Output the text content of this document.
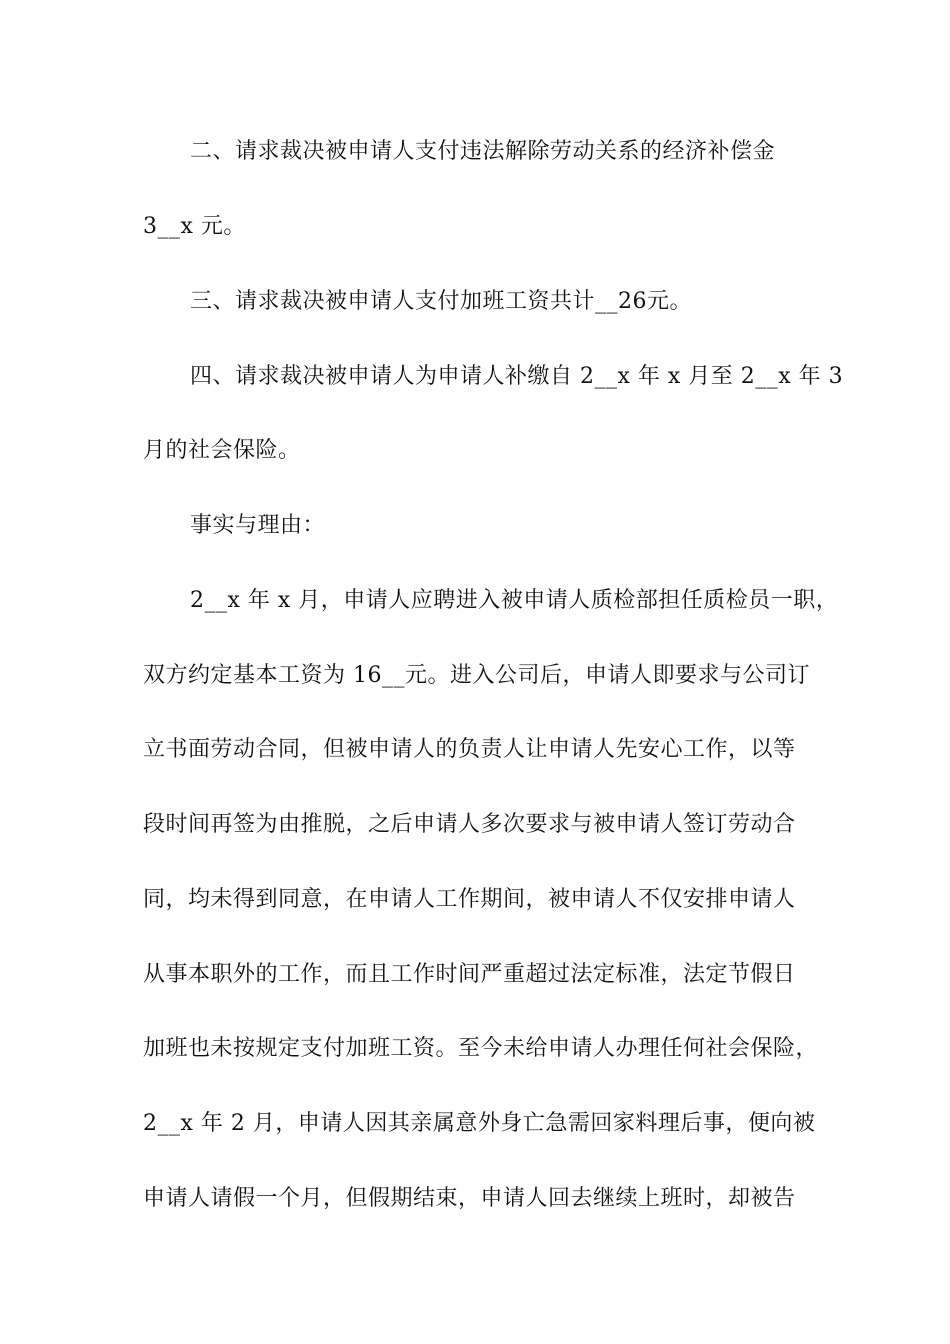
二、请求裁决被申请人支付违法解除劳动关系的经济补偿金
3__x 元。
三、请求裁决被申请人支付加班工资共计__26元。
四、请求裁决被申请人为申请人补缴自 2__x 年 x 月至 2__x 年 3
月的社会保险。
事实与理由：
2__x 年 x 月，申请人应聘进入被申请人质检部担任质检员一职，
双方约定基本工资为 16__元。进入公司后，申请人即要求与公司订
立书面劳动合同，但被申请人的负责人让申请人先安心工作，以等
段时间再签为由推脱，之后申请人多次要求与被申请人签订劳动合
同，均未得到同意，在申请人工作期间，被申请人不仅安排申请人
从事本职外的工作，而且工作时间严重超过法定标准，法定节假日
加班也未按规定支付加班工资。至今未给申请人办理任何社会保险，
2__x 年 2 月，申请人因其亲属意外身亡急需回家料理后事，便向被
申请人请假一个月，但假期结束，申请人回去继续上班时，却被告
